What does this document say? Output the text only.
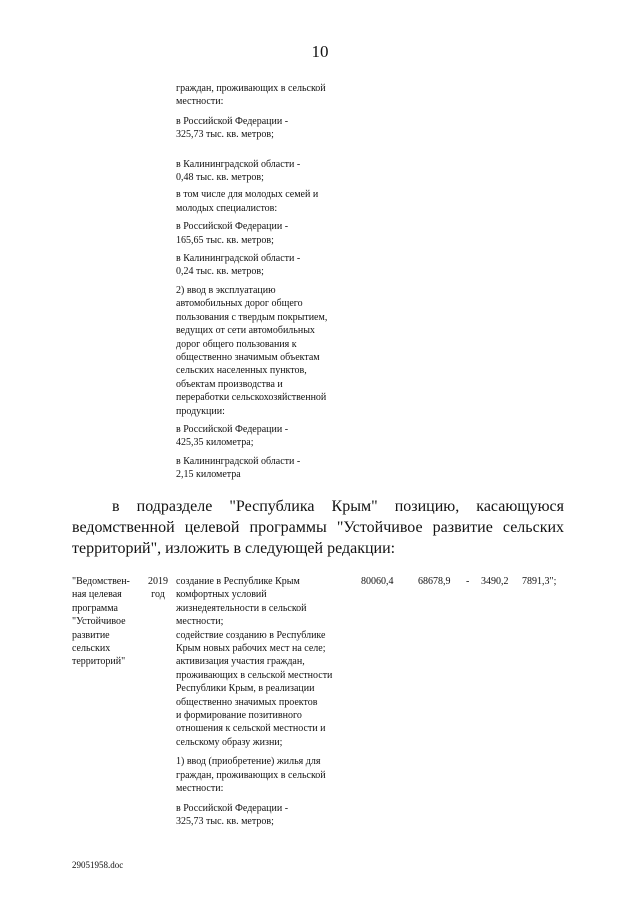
10
граждан, проживающих в сельской
местности:
в Российской Федерации -
325,73 тыс. кв. метров;
в Калининградской области -
0,48 тыс. кв. метров;
в том числе для молодых семей и
молодых специалистов:
в Российской Федерации -
165,65 тыс. кв. метров;
в Калининградской области -
0,24 тыс. кв. метров;
2) ввод в эксплуатацию
автомобильных дорог общего
пользования с твердым покрытием,
ведущих от сети автомобильных
дорог общего пользования к
общественно значимым объектам
сельских населенных пунктов,
объектам производства и
переработки сельскохозяйственной
продукции:
в Российской Федерации -
425,35 километра;
в Калининградской области -
2,15 километра
в подразделе "Республика Крым" позицию, касающуюся
ведомственной целевой программы "Устойчивое развитие сельских
территорий", изложить в следующей редакции:
"Ведомствен-
ная целевая
программа
"Устойчивое
развитие
сельских
территорий"
2019
год
создание в Республике Крым
комфортных условий
жизнедеятельности в сельской
местности;
содействие созданию в Республике
Крым новых рабочих мест на селе;
активизация участия граждан,
проживающих в сельской местности
Республики Крым, в реализации
общественно значимых проектов
и формирование позитивного
отношения к сельской местности и
сельскому образу жизни;
1) ввод (приобретение) жилья для
граждан, проживающих в сельской
местности:
в Российской Федерации -
325,73 тыс. кв. метров;
80060,4 68678,9 - 3490,2 7891,3";
29051958.doc
